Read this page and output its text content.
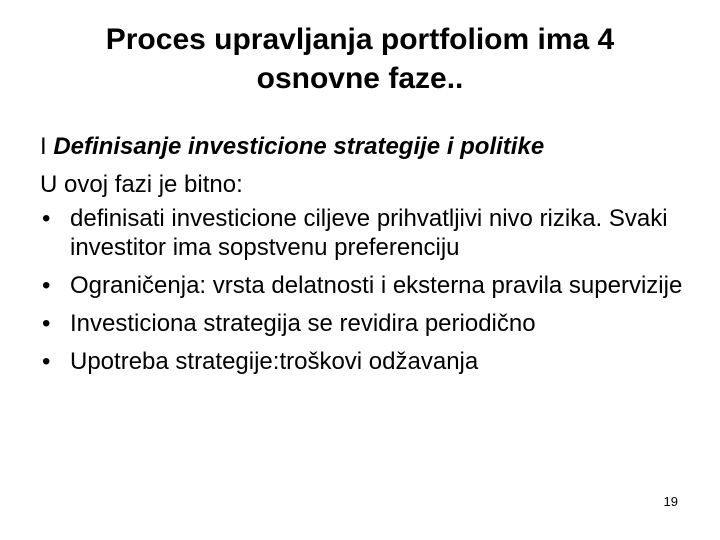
Proces upravljanja portfoliom ima 4
osnovne faze..
I Definisanje investicione strategije i politike
U ovoj fazi je bitno:
• definisati investicione ciljeve prihvatljivi nivo rizika. Svaki investitor ima sopstvenu preferenciju
• Ograničenja: vrsta delatnosti i eksterna pravila supervizije
• Investiciona strategija se revidira periodično
• Upotreba strategije:troškovi odžavanja
19
